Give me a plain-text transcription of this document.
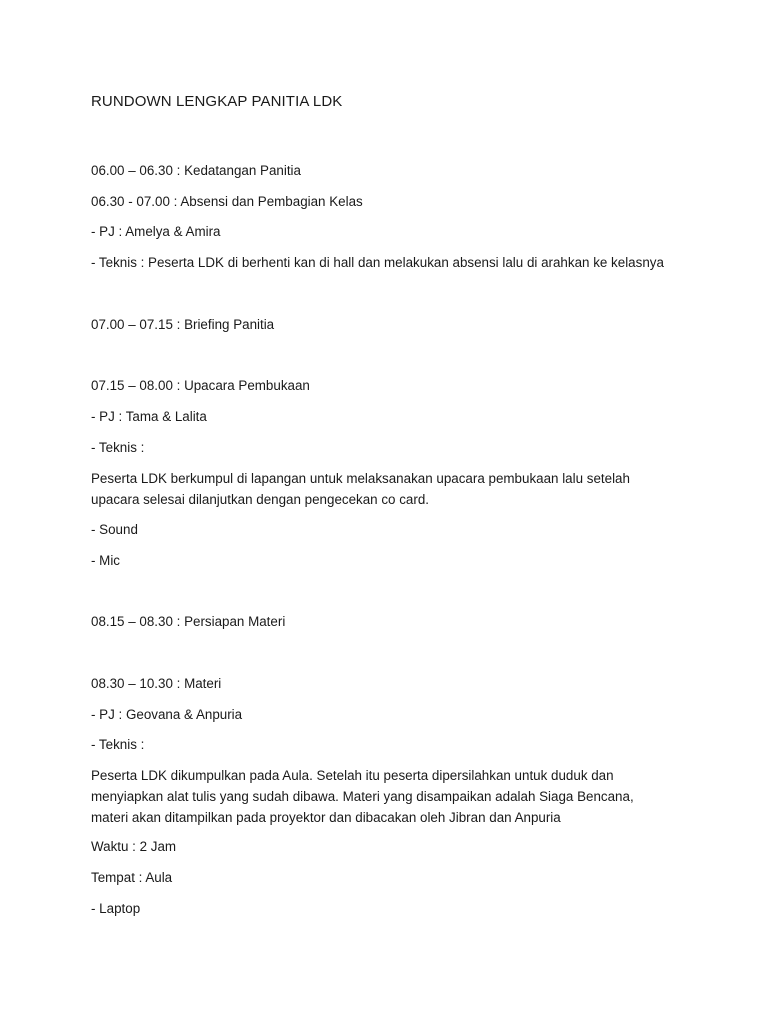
RUNDOWN LENGKAP PANITIA LDK
06.00 – 06.30 : Kedatangan Panitia
06.30 - 07.00 : Absensi dan Pembagian Kelas
- PJ : Amelya & Amira
- Teknis : Peserta LDK di berhenti kan di hall dan melakukan absensi lalu di arahkan ke kelasnya
07.00 – 07.15 : Briefing Panitia
07.15 – 08.00 : Upacara Pembukaan
- PJ : Tama & Lalita
- Teknis :
Peserta LDK berkumpul di lapangan untuk melaksanakan upacara pembukaan lalu setelah upacara selesai dilanjutkan dengan pengecekan co card.
- Sound
- Mic
08.15 – 08.30 : Persiapan Materi
08.30 – 10.30 : Materi
- PJ : Geovana & Anpuria
- Teknis :
Peserta LDK dikumpulkan pada Aula. Setelah itu peserta dipersilahkan untuk duduk dan menyiapkan alat tulis yang sudah dibawa. Materi yang disampaikan adalah Siaga Bencana, materi akan ditampilkan pada proyektor dan dibacakan oleh Jibran dan Anpuria
Waktu : 2 Jam
Tempat : Aula
- Laptop
